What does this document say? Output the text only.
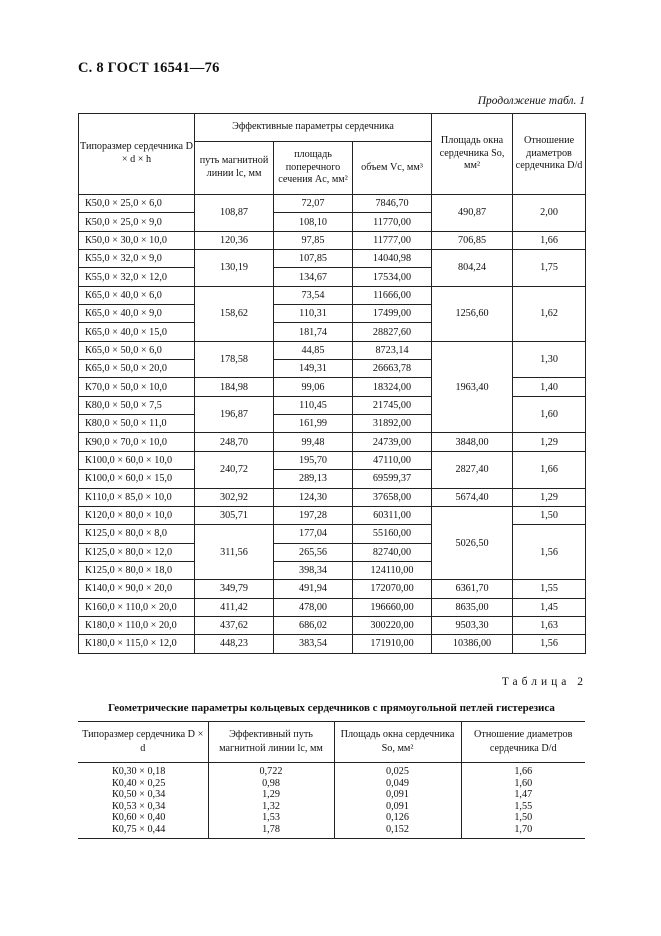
С. 8 ГОСТ 16541—76
Продолжение табл. 1
Типоразмер сердечника D × d × h	Эффективные параметры сердечника			Площадь окна сердечника So, мм²	Отношение диаметров сердечника D/d
	путь магнитной линии lc, мм	площадь поперечного сечения Ac, мм²	объем Vc, мм³		
К50,0 × 25,0 × 6,0	108,87	72,07	7846,70	490,87	2,00
К50,0 × 25,0 × 9,0		108,10	11770,00		
К50,0 × 30,0 × 10,0	120,36	97,85	11777,00	706,85	1,66
К55,0 × 32,0 × 9,0	130,19	107,85	14040,98	804,24	1,75
К55,0 × 32,0 × 12,0		134,67	17534,00		
К65,0 × 40,0 × 6,0	158,62	73,54	11666,00	1256,60	1,62
К65,0 × 40,0 × 9,0		110,31	17499,00		
К65,0 × 40,0 × 15,0		181,74	28827,60		
К65,0 × 50,0 × 6,0	178,58	44,85	8723,14	1963,40	1,30
К65,0 × 50,0 × 20,0		149,31	26663,78		
К70,0 × 50,0 × 10,0	184,98	99,06	18324,00		1,40
К80,0 × 50,0 × 7,5	196,87	110,45	21745,00		1,60
К80,0 × 50,0 × 11,0		161,99	31892,00		
К90,0 × 70,0 × 10,0	248,70	99,48	24739,00	3848,00	1,29
К100,0 × 60,0 × 10,0	240,72	195,70	47110,00	2827,40	1,66
К100,0 × 60,0 × 15,0		289,13	69599,37		
К110,0 × 85,0 × 10,0	302,92	124,30	37658,00	5674,40	1,29
К120,0 × 80,0 × 10,0	305,71	197,28	60311,00	5026,50	1,50
К125,0 × 80,0 × 8,0	311,56	177,04	55160,00		1,56
К125,0 × 80,0 × 12,0		265,56	82740,00		
К125,0 × 80,0 × 18,0		398,34	124110,00		
К140,0 × 90,0 × 20,0	349,79	491,94	172070,00	6361,70	1,55
К160,0 × 110,0 × 20,0	411,42	478,00	196660,00	8635,00	1,45
К180,0 × 110,0 × 20,0	437,62	686,02	300220,00	9503,30	1,63
К180,0 × 115,0 × 12,0	448,23	383,54	171910,00	10386,00	1,56
Таблица 2
Геометрические параметры кольцевых сердечников с прямоугольной петлей гистерезиса
Типоразмер сердечника D × d	Эффективный путь магнитной линии lc, мм	Площадь окна сердечника So, мм²	Отношение диаметров сердечника D/d
К0,30 × 0,18	0,722	0,025	1,66
К0,40 × 0,25	0,98	0,049	1,60
К0,50 × 0,34	1,29	0,091	1,47
К0,53 × 0,34	1,32	0,091	1,55
К0,60 × 0,40	1,53	0,126	1,50
К0,75 × 0,44	1,78	0,152	1,70
